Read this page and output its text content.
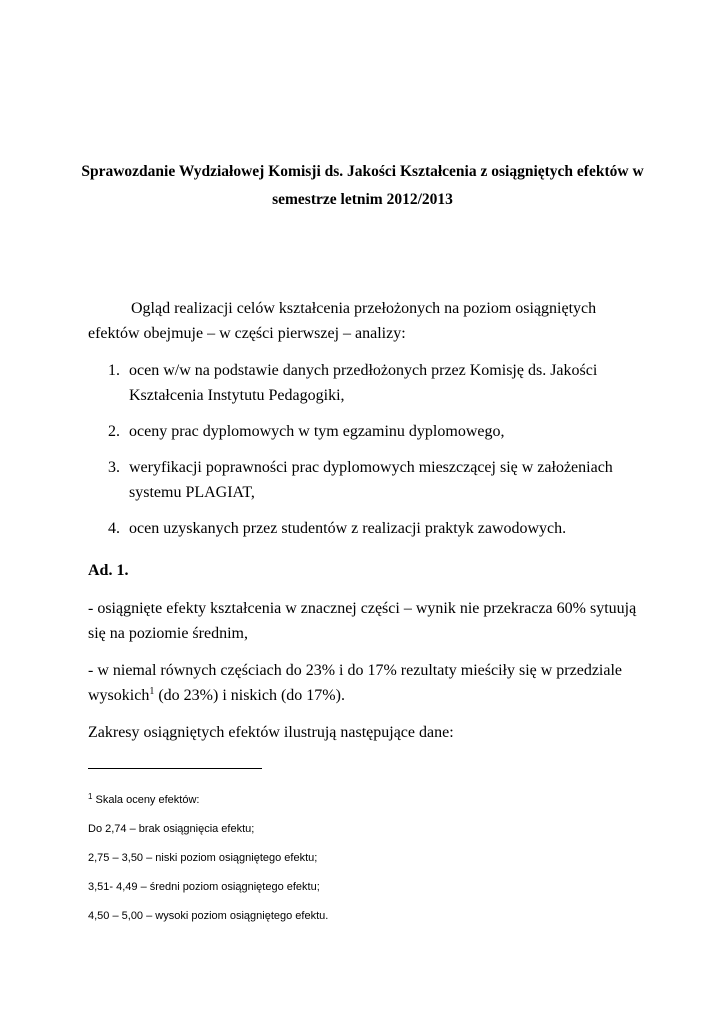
Sprawozdanie Wydziałowej Komisji ds. Jakości Kształcenia z osiągniętych efektów w
semestrze letnim 2012/2013
Ogląd realizacji celów kształcenia przełożonych na poziom osiągniętych efektów obejmuje – w części pierwszej – analizy:
1. ocen w/w na podstawie danych przedłożonych przez Komisję ds. Jakości Kształcenia Instytutu Pedagogiki,
2. oceny prac dyplomowych w tym egzaminu dyplomowego,
3. weryfikacji poprawności prac dyplomowych mieszczącej się w założeniach systemu PLAGIAT,
4. ocen uzyskanych przez studentów z realizacji praktyk zawodowych.
Ad. 1.
- osiągnięte efekty kształcenia w znacznej części – wynik nie przekracza 60% sytuują się na poziomie średnim,
- w niemal równych częściach do 23% i do 17% rezultaty mieściły się w przedziale wysokich$^1$ (do 23%) i niskich (do 17%).
Zakresy osiągniętych efektów ilustrują następujące dane:
$^1$ Skala oceny efektów:
Do 2,74 – brak osiągnięcia efektu;
2,75 – 3,50 – niski poziom osiągniętego efektu;
3,51- 4,49 – średni poziom osiągniętego efektu;
4,50 – 5,00 – wysoki poziom osiągniętego efektu.
